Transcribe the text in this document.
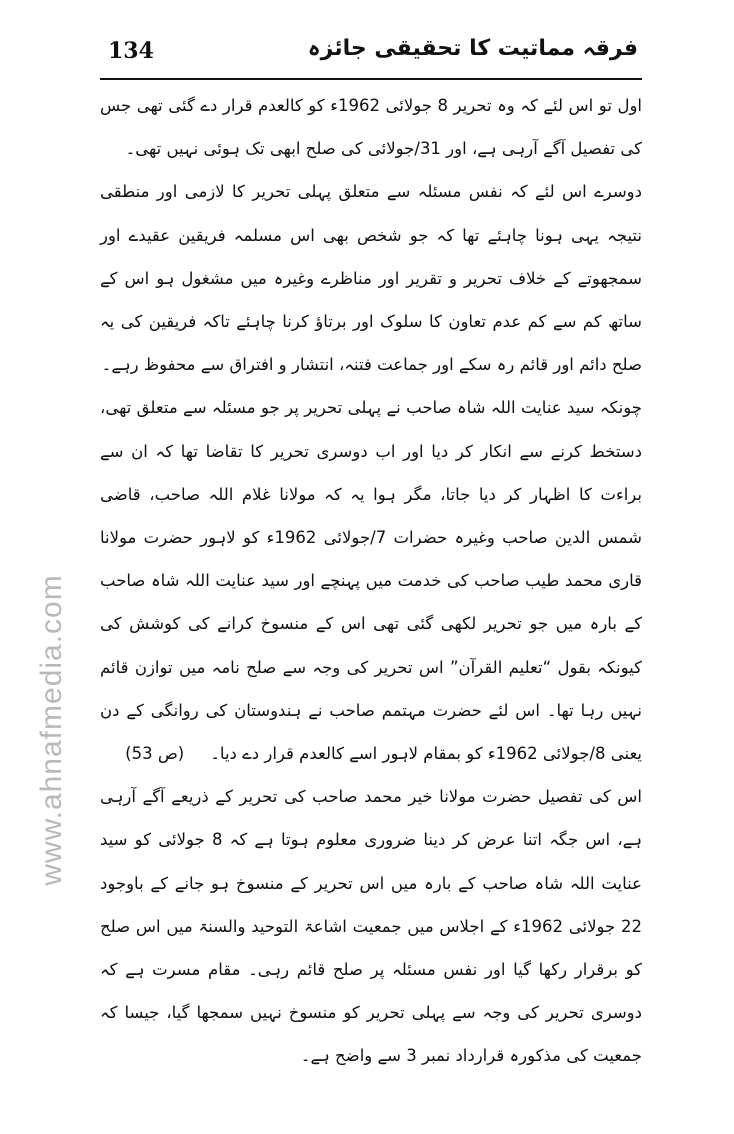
134	فرقہ مماتیت کا تحقیقی جائزہ
www.ahnafmedia.com

اول تو اس لئے کہ وہ تحریر 8 جولائی 1962ء کو کالعدم قرار دے گئی تھی جس کی تفصیل آگے آرہی ہے، اور 31/جولائی کی صلح ابھی تک ہوئی نہیں تھی۔

دوسرے اس لئے کہ نفس مسئلہ سے متعلق پہلی تحریر کا لازمی اور منطقی نتیجہ یہی ہونا چاہئے تھا کہ جو شخص بھی اس مسلمہ فریقین عقیدے اور سمجھوتے کے خلاف تحریر و تقریر اور مناظرے وغیرہ میں مشغول ہو اس کے ساتھ کم سے کم عدم تعاون کا سلوک اور برتاؤ کرنا چاہئے تاکہ فریقین کی یہ صلح دائم اور قائم رہ سکے اور جماعت فتنہ، انتشار و افتراق سے محفوظ رہے۔

چونکہ سید عنایت اللہ شاہ صاحب نے پہلی تحریر پر جو مسئلہ سے متعلق تھی، دستخط کرنے سے انکار کر دیا اور اب دوسری تحریر کا تقاضا تھا کہ ان سے براءت کا اظہار کر دیا جاتا، مگر ہوا یہ کہ مولانا غلام اللہ صاحب، قاضی شمس الدین صاحب وغیرہ حضرات 7/جولائی 1962ء کو لاہور حضرت مولانا قاری محمد طیب صاحب کی خدمت میں پہنچے اور سید عنایت اللہ شاہ صاحب کے بارہ میں جو تحریر لکھی گئی تھی اس کے منسوخ کرانے کی کوشش کی کیونکہ بقول “تعلیم القرآن” اس تحریر کی وجہ سے صلح نامہ میں توازن قائم نہیں رہا تھا۔ اس لئے حضرت مہتمم صاحب نے ہندوستان کی روانگی کے دن یعنی 8/جولائی 1962ء کو بمقام لاہور اسے کالعدم قرار دے دیا۔(ص 53)

اس کی تفصیل حضرت مولانا خیر محمد صاحب کی تحریر کے ذریعے آگے آرہی ہے، اس جگہ اتنا عرض کر دینا ضروری معلوم ہوتا ہے کہ 8 جولائی کو سید عنایت اللہ شاہ صاحب کے بارہ میں اس تحریر کے منسوخ ہو جانے کے باوجود 22 جولائی 1962ء کے اجلاس میں جمعیت اشاعۃ التوحید والسنۃ میں اس صلح کو برقرار رکھا گیا اور نفس مسئلہ پر صلح قائم رہی۔ مقام مسرت ہے کہ دوسری تحریر کی وجہ سے پہلی تحریر کو منسوخ نہیں سمجھا گیا، جیسا کہ جمعیت کی مذکورہ قرارداد نمبر 3 سے واضح ہے۔
